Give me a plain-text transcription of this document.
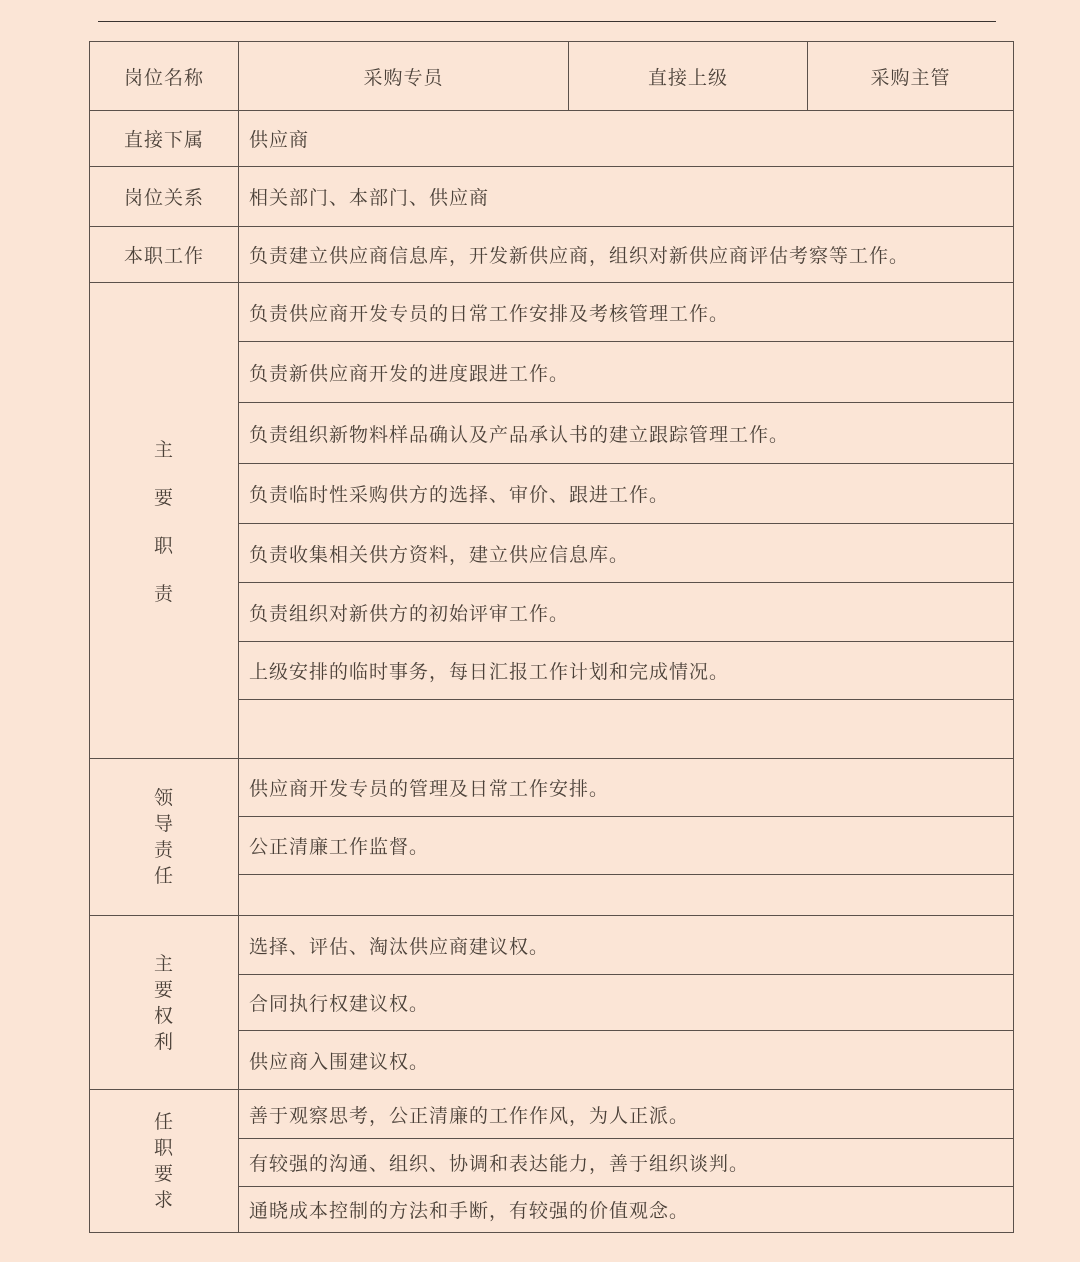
岗位名称	采购专员	直接上级	采购主管
直接下属	供应商		
岗位关系	相关部门、本部门、供应商		
本职工作	负责建立供应商信息库，开发新供应商，组织对新供应商评估考察等工作。		

主
要
职
责	负责供应商开发专员的日常工作安排及考核管理工作。		
	负责新供应商开发的进度跟进工作。		
	负责组织新物料样品确认及产品承认书的建立跟踪管理工作。		
	负责临时性采购供方的选择、审价、跟进工作。		
	负责收集相关供方资料，建立供应信息库。		
	负责组织对新供方的初始评审工作。		
	上级安排的临时事务，每日汇报工作计划和完成情况。		

领
导
责
任	供应商开发专员的管理及日常工作安排。		
	公正清廉工作监督。		

主
要
权
利	选择、评估、淘汰供应商建议权。		
	合同执行权建议权。		
	供应商入围建议权。		

任
职
要
求	善于观察思考，公正清廉的工作作风，为人正派。		
	有较强的沟通、组织、协调和表达能力，善于组织谈判。		
	通晓成本控制的方法和手断，有较强的价值观念。		
